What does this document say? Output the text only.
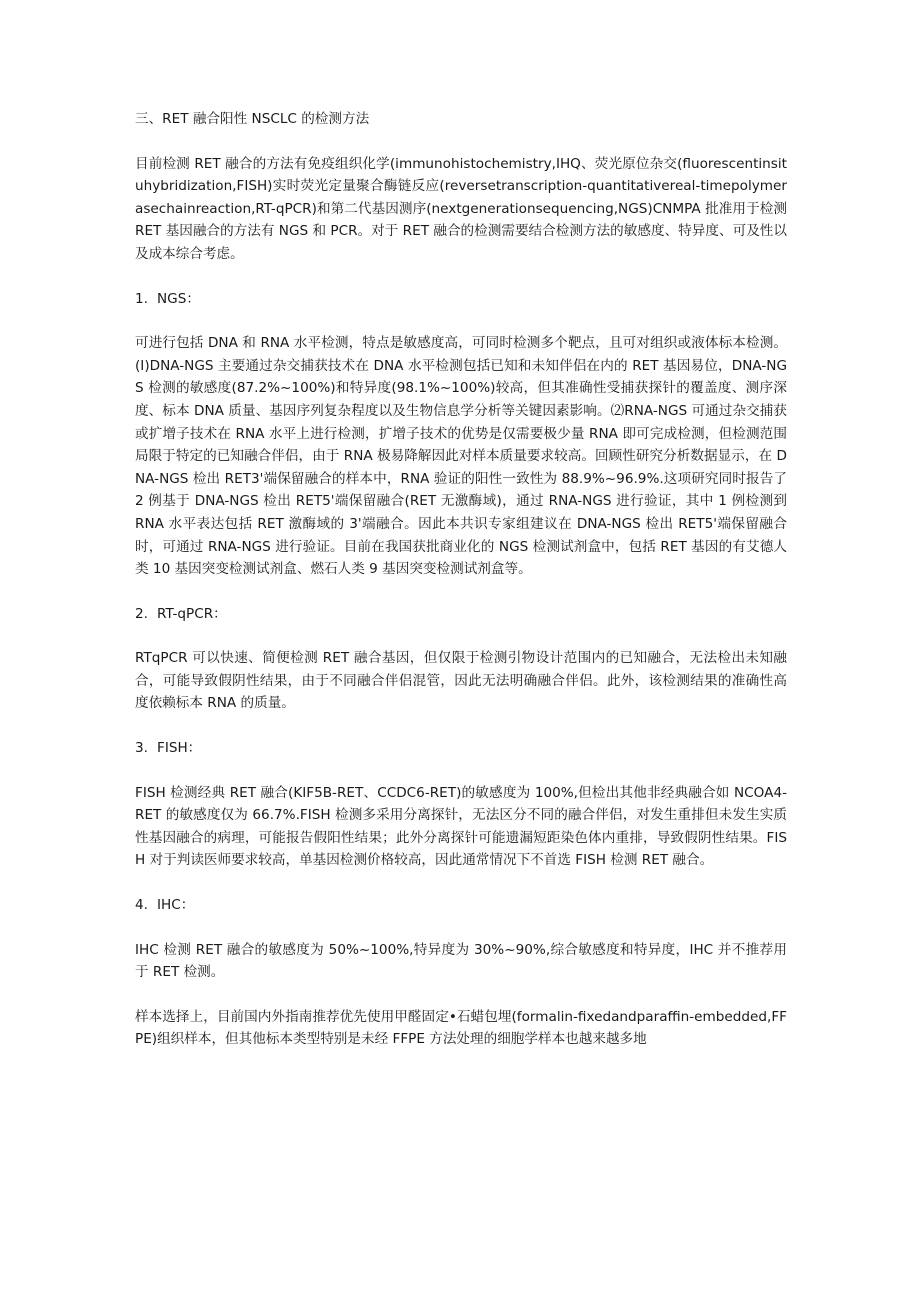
三、RET 融合阳性 NSCLC 的检测方法

目前检测 RET 融合的方法有免疫组织化学(immunohistochemistry,IHQ、荧光原位杂交(fluorescentinsituhybridization,FISH)实时荧光定量聚合酶链反应(reversetranscription-quantitativereal-timepolymerasechainreaction,RT-qPCR)和第二代基因测序(nextgenerationsequencing,NGS)CNMPA 批准用于检测 RET 基因融合的方法有 NGS 和 PCR。对于 RET 融合的检测需要结合检测方法的敏感度、特异度、可及性以及成本综合考虑。

1. NGS：

可进行包括 DNA 和 RNA 水平检测，特点是敏感度高，可同时检测多个靶点，且可对组织或液体标本检测。(I)DNA-NGS 主要通过杂交捕获技术在 DNA 水平检测包括已知和未知伴侣在内的 RET 基因易位，DNA-NGS 检测的敏感度(87.2%~100%)和特异度(98.1%~100%)较高，但其准确性受捕获探针的覆盖度、测序深度、标本 DNA 质量、基因序列复杂程度以及生物信息学分析等关键因素影响。⑵RNA-NGS 可通过杂交捕获或扩增子技术在 RNA 水平上进行检测，扩增子技术的优势是仅需要极少量 RNA 即可完成检测，但检测范围局限于特定的已知融合伴侣，由于 RNA 极易降解因此对样本质量要求较高。回顾性研究分析数据显示，在 DNA-NGS 检出 RET3'端保留融合的样本中，RNA 验证的阳性一致性为 88.9%~96.9%.这项研究同时报告了 2 例基于 DNA-NGS 检出 RET5'端保留融合(RET 无激酶域)，通过 RNA-NGS 进行验证，其中 1 例检测到 RNA 水平表达包括 RET 激酶域的 3'端融合。因此本共识专家组建议在 DNA-NGS 检出 RET5'端保留融合时，可通过 RNA-NGS 进行验证。目前在我国获批商业化的 NGS 检测试剂盒中，包括 RET 基因的有艾德人类 10 基因突变检测试剂盒、燃石人类 9 基因突变检测试剂盒等。

2. RT-qPCR：

RTqPCR 可以快速、简便检测 RET 融合基因，但仅限于检测引物设计范围内的已知融合，无法检出未知融合，可能导致假阴性结果，由于不同融合伴侣混管，因此无法明确融合伴侣。此外，该检测结果的准确性高度依赖标本 RNA 的质量。

3. FISH：

FISH 检测经典 RET 融合(KIF5B-RET、CCDC6-RET)的敏感度为 100%,但检出其他非经典融合如 NCOA4-RET 的敏感度仅为 66.7%.FISH 检测多采用分离探针，无法区分不同的融合伴侣，对发生重排但未发生实质性基因融合的病理，可能报告假阳性结果；此外分离探针可能遗漏短距染色体内重排，导致假阴性结果。FISH 对于判读医师要求较高，单基因检测价格较高，因此通常情况下不首选 FISH 检测 RET 融合。

4. IHC：

IHC 检测 RET 融合的敏感度为 50%~100%,特异度为 30%~90%,综合敏感度和特异度，IHC 并不推荐用于 RET 检测。

样本选择上，目前国内外指南推荐优先使用甲醛固定•石蜡包埋(formalin-fixedandparaffin-embedded,FFPE)组织样本，但其他标本类型特别是未经 FFPE 方法处理的细胞学样本也越来越多地
